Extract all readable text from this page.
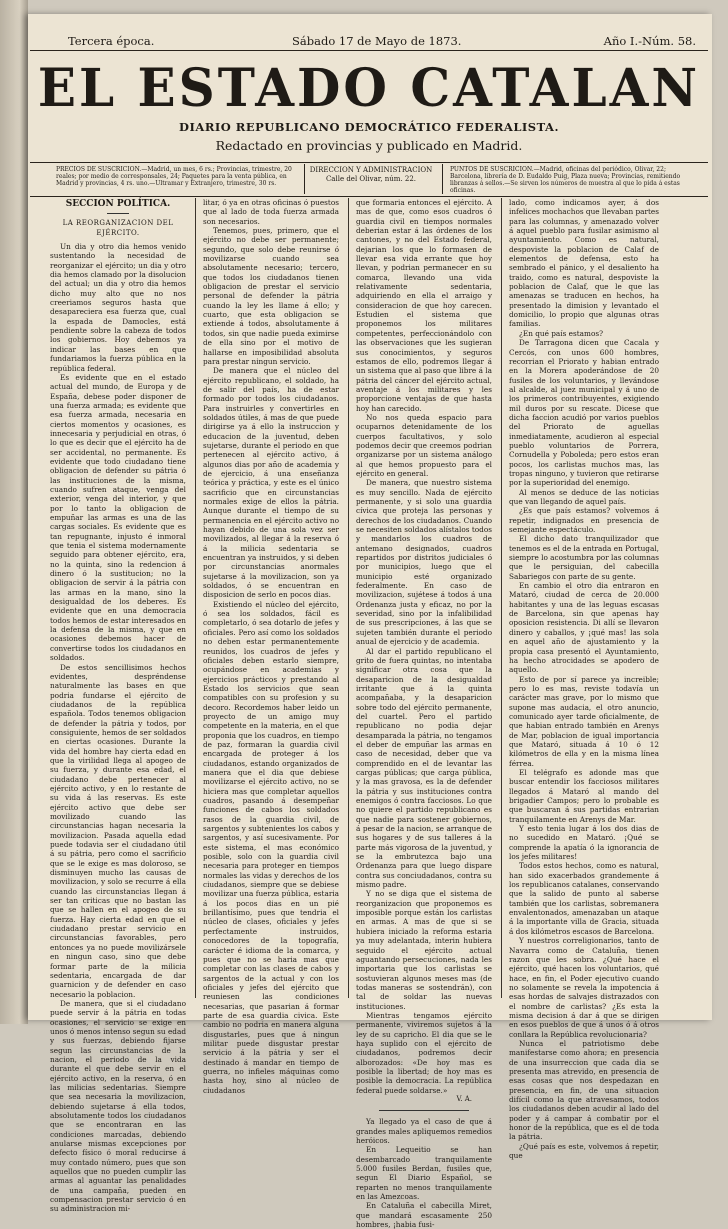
Tercera época.	Sábado 17 de Mayo de 1873.	Año I.-Núm. 58.
EL ESTADO CATALAN
DIARIO REPUBLICANO DEMOCRÁTICO FEDERALISTA.
Redactado en provincias y publicado en Madrid.
PRECIOS DE SUSCRICION.—Madrid, un mes, 6 rs.; Provincias, trimestre, 20 reales; por medio de corresponsales, 24; Paquetes para la venta pública, en Madrid y provincias, 4 rs. uno.—Ultramar y Extranjero, trimestre, 30 rs.
DIRECCION Y ADMINISTRACION
Calle del Olivar, núm. 22.
PUNTOS DE SUSCRICION.—Madrid, oficinas del periódico, Olivar, 22; Barcelona, librería de D. Eudaldo Puig, Plaza nueva; Provincias, remitiendo libranzas á sellos.—Se sirven los números de muestra al que lo pida á estas oficinas.
SECCION POLÍTICA.
LA REORGANIZACION DEL EJÉRCITO.

Un dia y otro dia hemos venido sustentando la necesidad de reorganizar el ejército; un dia y otro dia hemos clamado por la disolucion del actual; un dia y otro dia hemos dicho muy alto que no nos creeriamos seguros hasta que desapareciera esa fuerza que, cual la espada de Damocles, está pendiente sobre la cabeza de todos los gobiernos. Hoy debemos ya indicar las bases en que fundariamos la fuerza pública en la república federal.

Es evidente que en el estado actual del mundo, de Europa y de España, debese poder disponer de una fuerza armada; es evidente que esa fuerza armada, necesaria en ciertos momentos y ocasiones, es innecesaria y perjudicial en otras, ó lo que es decir que el ejército ha de ser accidental, no permanente. Es evidente que todo ciudadano tiene obligacion de defender su pátria ó las instituciones de la misma, cuando sufren ataque, venga del exterior, venga del interior, y que por lo tanto la obligacion de empuñar las armas es una de las cargas sociales. Es evidente que es tan repugnante, injusto é inmoral que tenia el sistema modernamente seguido para obtener ejército, era, no la quinta, sino la redencion á dinero ó la sustitucion; no la obligacion de servir á la pátria con las armas en la mano, sino la desigualdad de los deberes. Es evidente que en una democracia todos hemos de estar interesados en la defensa de la misma, y que en ocasiones debemos hacer de convertirse todos los ciudadanos en soldados.

De estos sencillisimos hechos evidentes, despréndense naturalmente las bases en que podria fundarse el ejército de ciudadanos de la república española. Todos tenemos obligacion de defender la pátria y todos, por consiguiente, hemos de ser soldados en ciertas ocasiones. Durante la vida del hombre hay cierta edad en que la virilidad llega al apogeo de su fuerza, y durante esa edad, el ciudadano debe pertenecer al ejército activo, y en lo restante de su vida á las reservas. Es este ejército activo que debe ser movilizado cuando las circunstancias hagan necesaria la movilizacion. Pasada aquella edad puede todavia ser el ciudadano útil á su pátria, pero como el sacrificio que se le exige es mas doloroso, se disminuyen mucho las causas de movilizacion, y solo se recurre á ella cuando las circunstancias llegan á ser tan criticas que no bastan las que se hallen en el apogeo de su fuerza. Hay cierta edad en que el ciudadano prestar servicio en circunstancias favorables, pero entonces ya no puede movilizársele en ningun caso, sino que debe formar parte de la milicia sedentaria, encargada de dar guarnicion y de defender en caso necesario la poblacion.

De manera, que si el ciudadano puede servir á la pátria en todas ocasiones, el servicio se exige en unos ó menos intenso segun su edad y sus fuerzas, debiendo fijarse segun las circunstancias de la nacion, el periodo de la vida durante el que debe servir en el ejército activo, en la reserva, ó en las milicias sedentarias. Siempre que sea necesaria la movilizacion, debiendo sujetarse á ella todos, absolutamente todos los ciudadanos que se encontraran en las condiciones marcadas, debiendo anularse mismas excepciones por defecto físico ó moral reducirse á muy contado número, pues que son aquellos que no pueden cumplir las armas al aguantar las penalidades de una campaña, pueden en compensacion prestar servicio ó en su administracion mi-

litar, ó ya en otras oficinas ó puestos que al lado de toda fuerza armada son necesarios.

Tenemos, pues, primero, que el ejército no debe ser permanente; segundo, que solo debe reunirse ó movilizarse cuando sea absolutamente necesario; tercero, que todos los ciudadanos tienen obligacion de prestar el servicio personal de defender la pátria cuando la ley les llame á ello; y cuarto, que esta obligacion se extiende á todos, absolutamente á todos, sin que nadie pueda eximirse de ella sino por el motivo de hallarse en imposibilidad absoluta para prestar ningun servicio.

De manera que el núcleo del ejército republicano, el soldado, ha de salir del país, ha de estar formado por todos los ciudadanos. Para instruirles y convertirles en soldados útiles, á mas de que puede dirigirse ya á ello la instruccion y educacion de la juventud, deben sujetarse, durante el periodo en que pertenecen al ejército activo, á algunos dias por año de academia y de ejercicio, á una enseñanza teórica y práctica, y este es el único sacrificio que en circunstancias normales exige de ellos la pátria. Aunque durante el tiempo de su permanencia en el ejército activo no hayan debido de una sola vez ser movilizados, al llegar á la reserva ó á la milicia sedentaria se encuentran ya instruidos, y si deben por circunstancias anormales sujetarse á la movilizacion, son ya soldados, ó se encuentran en disposicion de serlo en pocos dias.

Existiendo el núcleo del ejército, ó sea los soldados, fácil es completarlo, ó sea dotarlo de jefes y oficiales. Pero así como los soldados no deben estar permanentemente reunidos, los cuadros de jefes y oficiales deben estarlo siempre, ocupándose en academias y ejercicios prácticos y prestando al Estado los servicios que sean compatibles con su profesion y su decoro. Recordemos haber leido un proyecto de un amigo muy competente en la materia, en el que proponia que los cuadros, en tiempo de paz, formaran la guardia civil encargada de proteger á los ciudadanos, estando organizados de manera que el dia que debiese movilizarse el ejército activo, no se hiciera mas que completar aquellos cuadros, pasando á desempeñar funciones de cabos los soldados rasos de la guardia civil, de sargentos y subtenientes los cabos y sargentos, y así sucesivamente. Por este sistema, el mas económico posible, solo con la guardia civil necesaria para proteger en tiempos normales las vidas y derechos de los ciudadanos, siempre que se debiese movilizar una fuerza pública, estaria á los pocos dias en un pié brillantísimo, pues que tendria el núcleo de clases, oficiales y jefes perfectamente instruidos, conocedores de la topografía, carácter é idioma de la comarca, y pues que no se haria mas que completar con las clases de cabos y sargentos de la actual y con los oficiales y jefes del ejército que reuniesen las condiciones necesarias, que pasarian á formar parte de esa guardia civica. Este cambio no podria en manera alguna disgustarles, pues que á ningun militar puede disgustar prestar servicio á la pátria y ser el destinado á mandar en tiempo de guerra, no infieles máquinas como hasta hoy, sino al núcleo de ciudadanos

que formaria entonces el ejército. A mas de que, como esos cuadros ó guardia civil en tiempos normales deberian estar á las órdenes de los cantones, y no del Estado federal, dejarian los que lo formasen de llevar esa vida errante que hoy llevan, y podrian permanecer en su comarca, llevando una vida relativamente sedentaria, adquiriendo en ella el arraigo y consideracion de que hoy carecen. Estudien el sistema que proponemos los militares competentes, perfeccionándolo con las observaciones que les sugieran sus conocimientos, y seguros estamos de ello, podremos llegar á un sistema que al paso que libre á la pátria del cáncer del ejército actual, aventaje á los militares y les proporcione ventajas de que hasta hoy han carecido.

No nos queda espacio para ocuparnos detenidamente de los cuerpos facultativos, y solo podemos decir que creemos podrian organizarse por un sistema análogo al que hemos propuesto para el ejército en general.

De manera, que nuestro sistema es muy sencillo. Nada de ejército permanente, y si solo una guardia cívica que proteja las personas y derechos de los ciudadanos. Cuando se necesiten soldados alístalos todos y mandarlos los cuadros de antemano designados, cuadros repartidos por distritos judiciales ó por municipios, luego que el municipio esté organizado federalmente. En caso de movilizacion, sujétese á todos á una Ordenanza justa y eficaz, no por la severidad, sino por la infalibilidad de sus prescripciones, á las que se sujeten también durante el periodo anual de ejercicio y de academia.

Al dar el partido republicano el grito de fuera quintas, no intentaba significar otra cosa que la desaparicion de la desigualdad irritante que á la quinta acompañaba, y la desaparicion sobre todo del ejército permanente, del cuartel. Pero el partido republicano no podia dejar desamparada la pátria, no tengamos el deber de empuñar las armas en caso de necesidad, deber que va comprendido en el de levantar las cargas públicas; que carga pública, y la mas gravosa, es la de defender la pátria y sus instituciones contra enemigos ó contra facciosos. Lo que no quiere el partido republicano es que nadie para sostener gobiernos, á pesar de la nacion, se arranque de sus hogares y de sus talleres á la parte más vigorosa de la juventud, y se la embrutezca bajo una Ordenanza para que luego dispare contra sus conciudadanos, contra su mismo padre.

Y no se diga que el sistema de reorganizacion que proponemos es imposible porque están los carlistas en armas. A mas de que si se hubiera iniciado la reforma estaria ya muy adelantada, interin hubiera seguido el ejército actual aguantando persecuciones, nada les importaria que los carlistas se sostuvieran algunos meses mas (de todas maneras se sostendrán), con tal de soldar las nuevas instituciones.

Mientras tengamos ejército permanente, viviremos sujetos á la ley de su capricho. El dia que se le haya suplido con el ejército de ciudadanos, podremos decir alborozados: «De hoy mas es posible la libertad; de hoy mas es posible la democracia. La república federal puede soldarse.»

V. A.

Ya llegado ya el caso de que á grandes males apliquemos remedios heróicos.

En Lequeitio se han desembarcado tranquilamente 5.000 fusiles Berdan, fusiles que, segun El Diario Español, se reparten no menos tranquilamente en las Amezcoas.

En Cataluña el cabecilla Miret, que mandará escasamente 250 hombres, ¡habia fusi-

lado, como indicamos ayer, á dos infelices mochachos que llevaban partes para las columnas, y amenazado volver á aquel pueblo para fusilar asimismo al ayuntamiento. Como es natural, despoviste la poblacion de Calaf de elementos de defensa, esto ha sembrado el pánico, y el desaliento ha traido, como es natural, despoviste la poblacion de Calaf, que le que las amenazas se traducen en hechos, ha presentado la dimision y levantado el domicilio, lo propio que algunas otras familias.

¿En qué país estamos?

De Tarragona dicen que Cacala y Cercós, con unos 600 hombres, recorrian el Priorato y habian entrado en la Morera apoderándose de 20 fusiles de los voluntarios, y llevándose al alcalde, al juez municipal y á uno de los primeros contribuyentes, exigiendo mil duros por su rescate. Dicese que dicha faccion acudió por varios pueblos del Priorato de aguellas inmediatamente, acudieron al especial pueblo voluntarios de Porrera, Cornudella y Poboleda; pero estos eran pocos, los carlistas muchos mas, las tropas ninguno, y tuvieron que retirarse por la superioridad del enemigo.

Al menos se deduce de las noticias que van llegando de aquel país.

¿Es que país estamos? volvemos á repetir, indignados en presencia de semejante espectáculo.

El dicho dato tranquilizador que tenemos es el de la entrada en Portugal, siempre lo acostumbra por las columnas que le persiguian, del cabecilla Sabariegos con parte de su gente.

En cambio el otro dia entraron en Mataró, ciudad de cerca de 20.000 habitantes y una de las leguas escasas de Barcelona, sin que apenas hay oposicion resistencia. Di allí se llevaron dinero y caballos, y ¡qué mas! las sola en aquel año de ajustamiento y la propia casa presentó el Ayuntamiento, ha hecho atrocidades se apodero de aquello.

Esto de por sí parece ya increible; pero lo es mas, reviste todavía un carácter mas grave, por lo mismo que supone mas audacia, el otro anuncio, comunicado ayer tarde oficialmente, de que habian entrado también en Arenys de Mar, poblacion de igual importancia que Mataró, situada á 10 ó 12 kilómetros de ella y en la misma línea férrea.

El telégrafo es adonde mas que buscar entendir los facciosos militares llegados á Mataró al mando del brigadier Campos; pero lo probable es que buscaran á sus partidas entrarian tranquilamente en Arenys de Mar.

Y esto tenia lugar á los dos dias de no sucedido en Mataró. ¡Qué se comprende la apatía ó la ignorancia de los jefes militares!

Todos estos hechos, como es natural, han sido exacerbados grandemente á los republicanos catalanes, conservando que la salido de punto al saberse también que los carlistas, sobremanera envalentonados, amenazaban un ataque á la importante villa de Gracia, situada á dos kilómetros escasos de Barcelona.

Y nuestros correligionarios, tanto de Navarra como de Cataluña, tienen razon que les sobra. ¿Qué hace el ejército, qué hacen los voluntarios, qué hace, en fin, el Poder ejecutivo cuando no solamente se revela la impotencia á esas hordas de salvajes distrazados con el nombre de carlistas? ¿Es esta la misma decision á dar á que se dirigen en esos pueblos de que á unos ó á otros conllara la República revolucionaria?

Nunca el patriotismo debe manifestarse como ahora; en presencia de una insurreccion que cada dia se presenta mas atrevido, en presencia de esas cosas que nos despedazan en presencia, en fin, de una situacion difícil como la que atravesamos, todos los ciudadanos deben acudir al lado del poder y á campar á combatir por el honor de la república, que es el de toda la pátria.

¿Qué país es este, volvemos á repetir, que
